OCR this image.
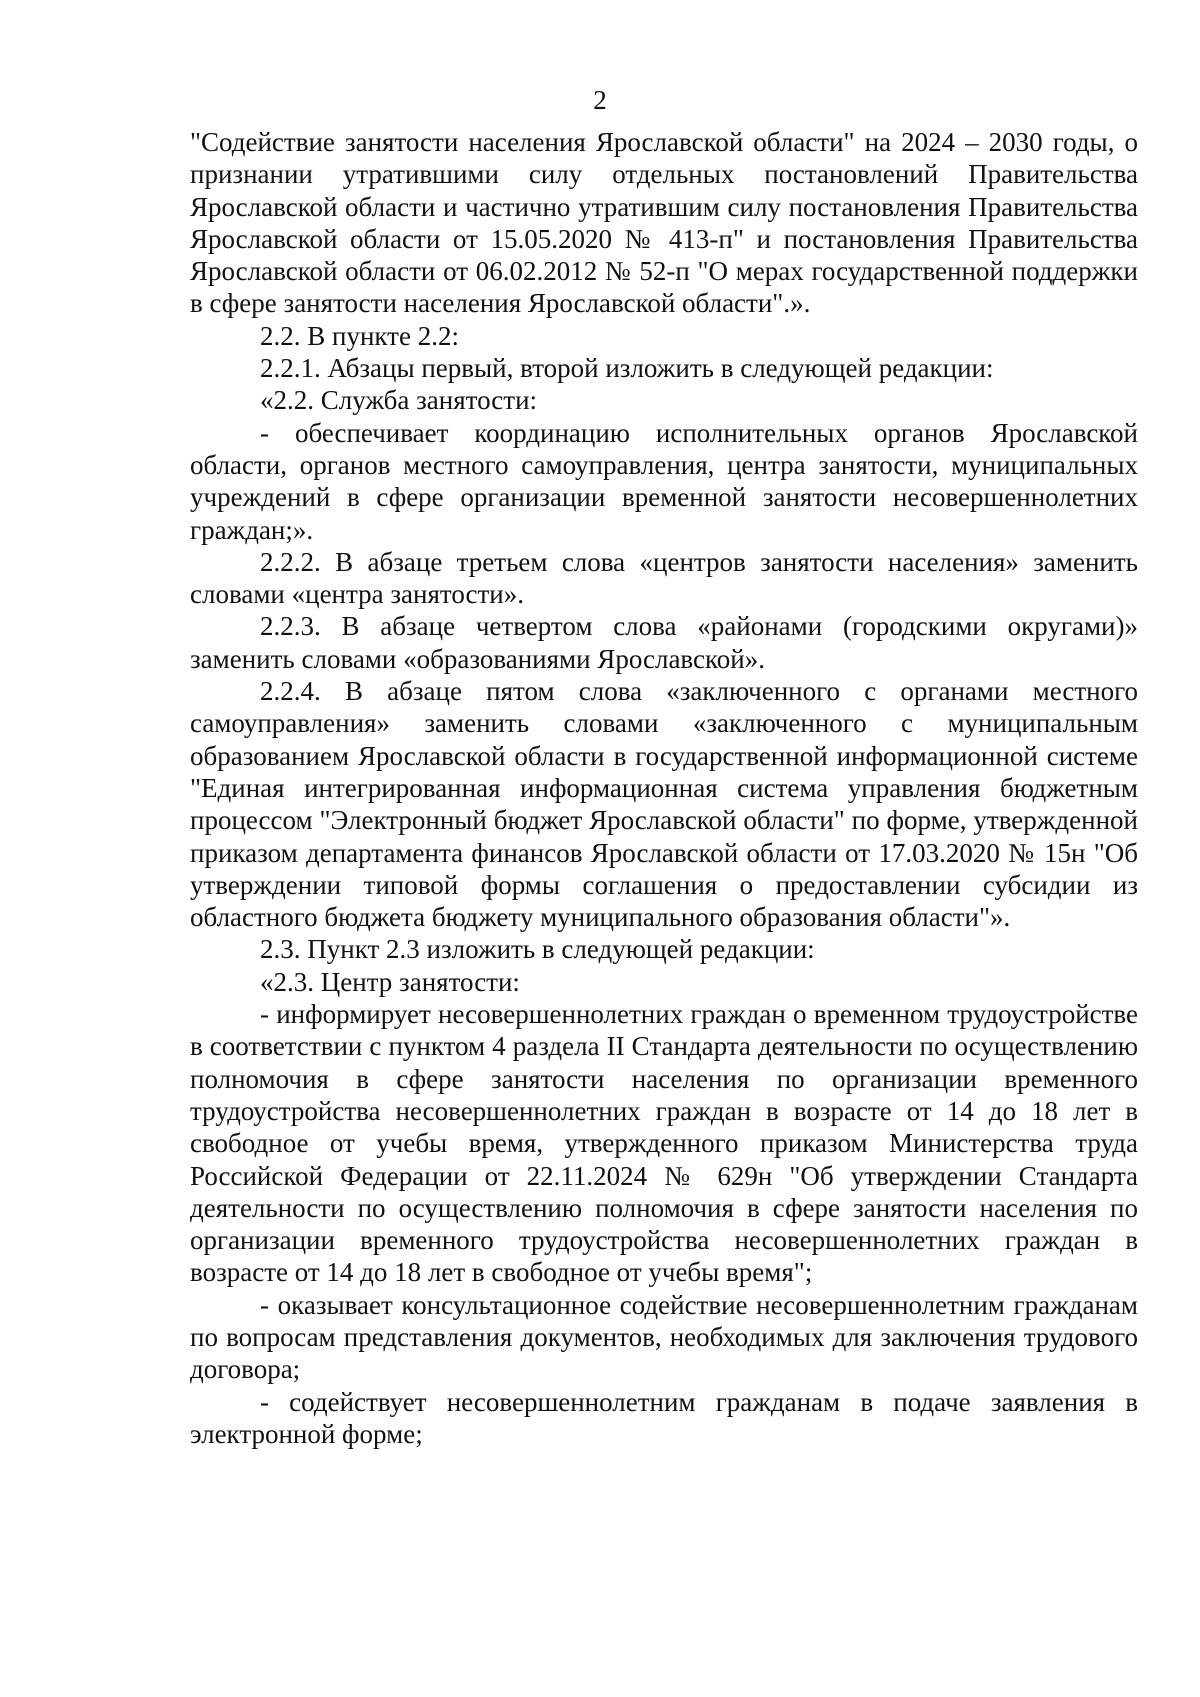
2

"Содействие занятости населения Ярославской области" на 2024 – 2030 годы, о признании утратившими силу отдельных постановлений Правительства Ярославской области и частично утратившим силу постановления Правительства Ярославской области от 15.05.2020 № 413-п" и постановления Правительства Ярославской области от 06.02.2012 № 52-п "О мерах государственной поддержки в сфере занятости населения Ярославской области".».

2.2. В пункте 2.2:

2.2.1. Абзацы первый, второй изложить в следующей редакции:

«2.2. Служба занятости:

- обеспечивает координацию исполнительных органов Ярославской области, органов местного самоуправления, центра занятости, муниципальных учреждений в сфере организации временной занятости несовершеннолетних граждан;».

2.2.2. В абзаце третьем слова «центров занятости населения» заменить словами «центра занятости».

2.2.3. В абзаце четвертом слова «районами (городскими округами)» заменить словами «образованиями Ярославской».

2.2.4. В абзаце пятом слова «заключенного с органами местного самоуправления» заменить словами «заключенного с муниципальным образованием Ярославской области в государственной информационной системе "Единая интегрированная информационная система управления бюджетным процессом "Электронный бюджет Ярославской области" по форме, утвержденной приказом департамента финансов Ярославской области от 17.03.2020 № 15н "Об утверждении типовой формы соглашения о предоставлении субсидии из областного бюджета бюджету муниципального образования области"».

2.3. Пункт 2.3 изложить в следующей редакции:

«2.3. Центр занятости:

- информирует несовершеннолетних граждан о временном трудоустройстве в соответствии с пунктом 4 раздела II Стандарта деятельности по осуществлению полномочия в сфере занятости населения по организации временного трудоустройства несовершеннолетних граждан в возрасте от 14 до 18 лет в свободное от учебы время, утвержденного приказом Министерства труда Российской Федерации от 22.11.2024 № 629н "Об утверждении Стандарта деятельности по осуществлению полномочия в сфере занятости населения по организации временного трудоустройства несовершеннолетних граждан в возрасте от 14 до 18 лет в свободное от учебы время";

- оказывает консультационное содействие несовершеннолетним гражданам по вопросам представления документов, необходимых для заключения трудового договора;

- содействует несовершеннолетним гражданам в подаче заявления в электронной форме;
